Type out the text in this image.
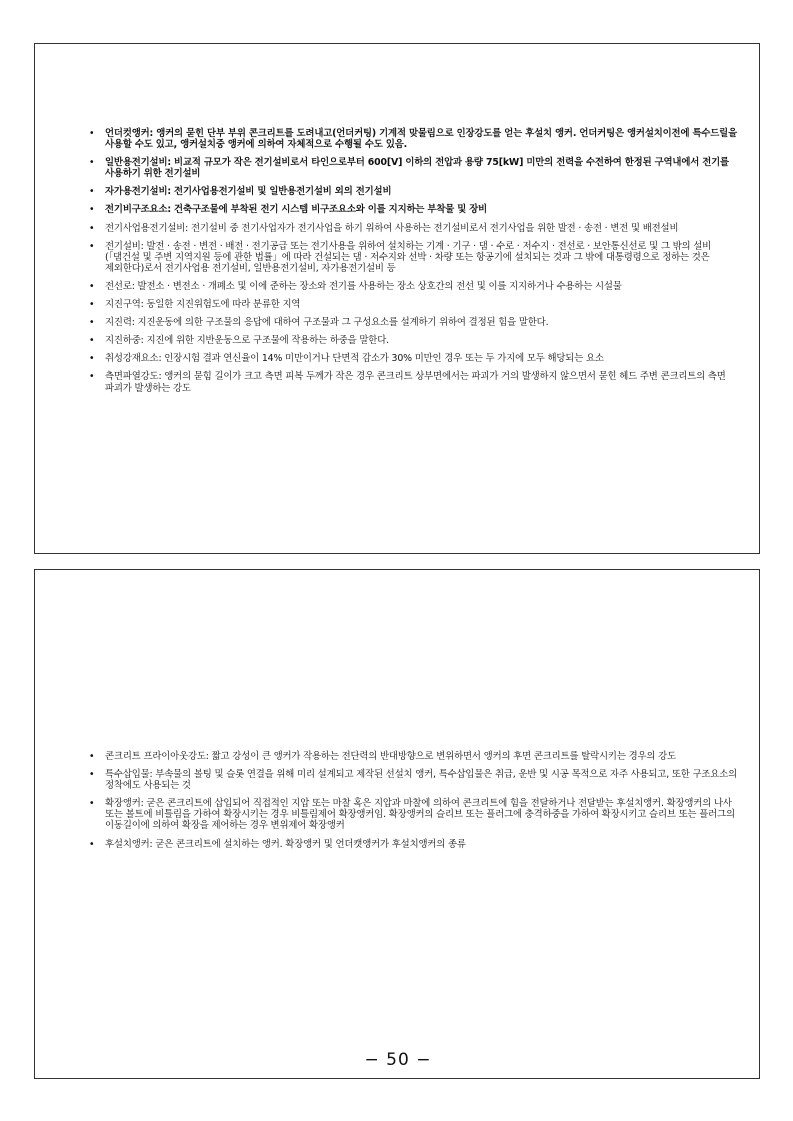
• 언더컷앵커: 앵커의 묻힌 단부 부위 콘크리트를 도려내고(언더커팅) 기계적 맞물림으로 인장강도를 얻는 후설치 앵커. 언더커팅은 앵커설치이전에 특수드릴을 사용할 수도 있고, 앵커설치중 앵커에 의하여 자체적으로 수행될 수도 있음.
• 일반용전기설비: 비교적 규모가 작은 전기설비로서 타인으로부터 600[V] 이하의 전압과 용량 75[kW] 미만의 전력을 수전하여 한정된 구역내에서 전기를 사용하기 위한 전기설비
• 자가용전기설비: 전기사업용전기설비 및 일반용전기설비 외의 전기설비
• 전기비구조요소: 건축구조물에 부착된 전기 시스템 비구조요소와 이를 지지하는 부착물 및 장비
• 전기사업용전기설비: 전기설비 중 전기사업자가 전기사업을 하기 위하여 사용하는 전기설비로서 전기사업을 위한 발전 · 송전 · 변전 및 배전설비
• 전기설비: 발전 · 송전 · 변전 · 배전 · 전기공급 또는 전기사용을 위하여 설치하는 기계 · 기구 · 댐 · 수로 · 저수지 · 전선로 · 보안통신선로 및 그 밖의 설비(「댐건설 및 주변 지역지원 등에 관한 법률」에 따라 건설되는 댐 · 저수지와 선박 · 차량 또는 항공기에 설치되는 것과 그 밖에 대통령령으로 정하는 것은 제외한다)로서 전기사업용 전기설비, 일반용전기설비, 자가용전기설비 등
• 전선로: 발전소 · 변전소 · 개폐소 및 이에 준하는 장소와 전기를 사용하는 장소 상호간의 전선 및 이를 지지하거나 수용하는 시설물
• 지진구역: 동일한 지진위험도에 따라 분류한 지역
• 지진력: 지진운동에 의한 구조물의 응답에 대하여 구조물과 그 구성요소를 설계하기 위하여 결정된 힘을 말한다.
• 지진하중: 지진에 위한 지반운동으로 구조물에 작용하는 하중을 말한다.
• 취성강재요소: 인장시험 결과 연신율이 14% 미만이거나 단면적 감소가 30% 미만인 경우 또는 두 가지에 모두 해당되는 요소
• 측면파열강도: 앵커의 묻힘 길이가 크고 측면 피복 두께가 작은 경우 콘크리트 상부면에서는 파괴가 거의 발생하지 않으면서 묻힌 헤드 주변 콘크리트의 측면 파괴가 발생하는 강도
• 콘크리트 프라이아웃강도: 짧고 강성이 큰 앵커가 작용하는 전단력의 반대방향으로 변위하면서 앵커의 후면 콘크리트를 탈락시키는 경우의 강도
• 특수삽입물: 부속물의 볼팅 및 슬롯 연결을 위해 미리 설계되고 제작된 선설치 앵커, 특수삽입물은 취급, 운반 및 시공 목적으로 자주 사용되고, 또한 구조요소의 정착에도 사용되는 것
• 확장앵커: 굳은 콘크리트에 삽입되어 직접적인 지압 또는 마찰 혹은 지압과 마찰에 의하여 콘크리트에 힘을 전달하거나 전달받는 후설치앵커. 확장앵커의 나사 또는 볼트에 비틀림을 가하여 확장시키는 경우 비틀림제어 확장앵커임. 확장앵커의 슬리브 또는 플러그에 충격하중을 가하여 확장시키고 슬리브 또는 플러그의 이동길이에 의하여 확장을 제어하는 경우 변위제어 확장앵커
• 후설치앵커: 굳은 콘크리트에 설치하는 앵커. 확장앵커 및 언더캣앵커가 후설치앵커의 종류
− 50 −
